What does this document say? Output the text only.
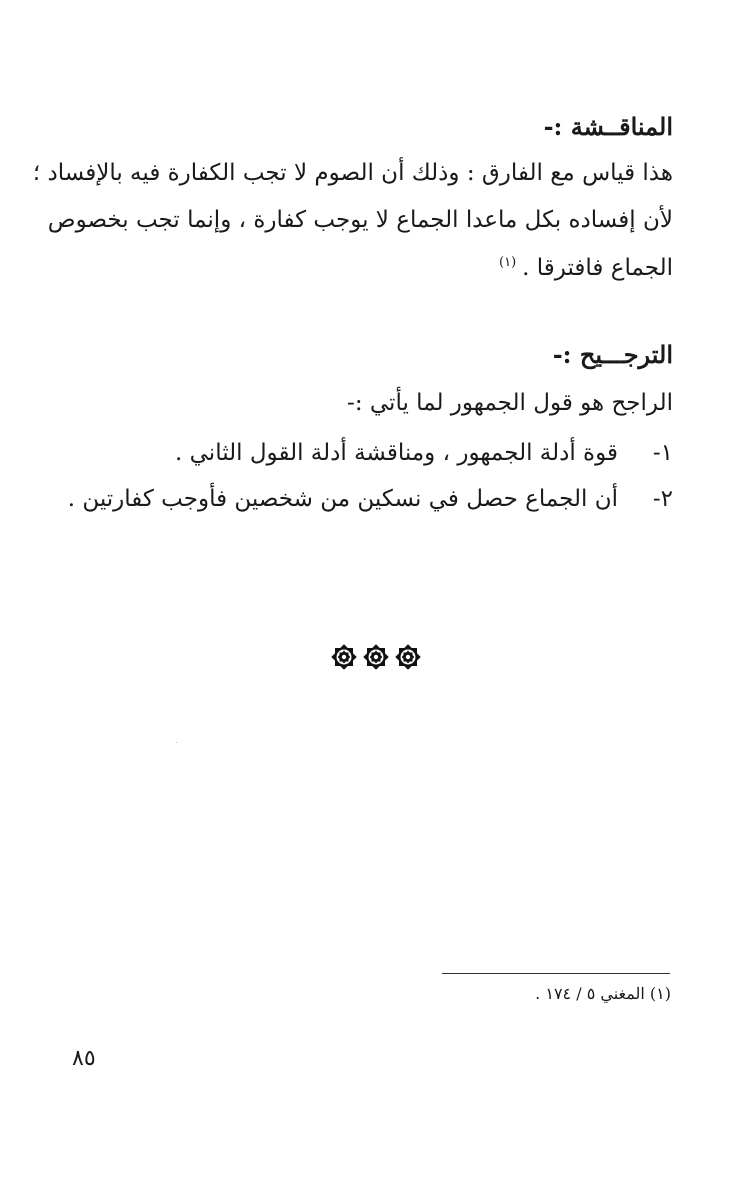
المناقــشة :-
هذا قياس مع الفارق : وذلك أن الصوم لا تجب الكفارة فيه بالإفساد ؛
لأن إفساده بكل ماعدا الجماع لا يوجب كفارة ، وإنما تجب بخصوص
الجماع فافترقا .$^{(١)}$
الترجـــيح :-
الراجح هو قول الجمهور لما يأتي :-
١-
قوة أدلة الجمهور ، ومناقشة أدلة القول الثاني .
٢-
أن الجماع حصل في نسكين من شخصين فأوجب كفارتين .
(١) المغني ٥ / ١٧٤ .
٨٥
